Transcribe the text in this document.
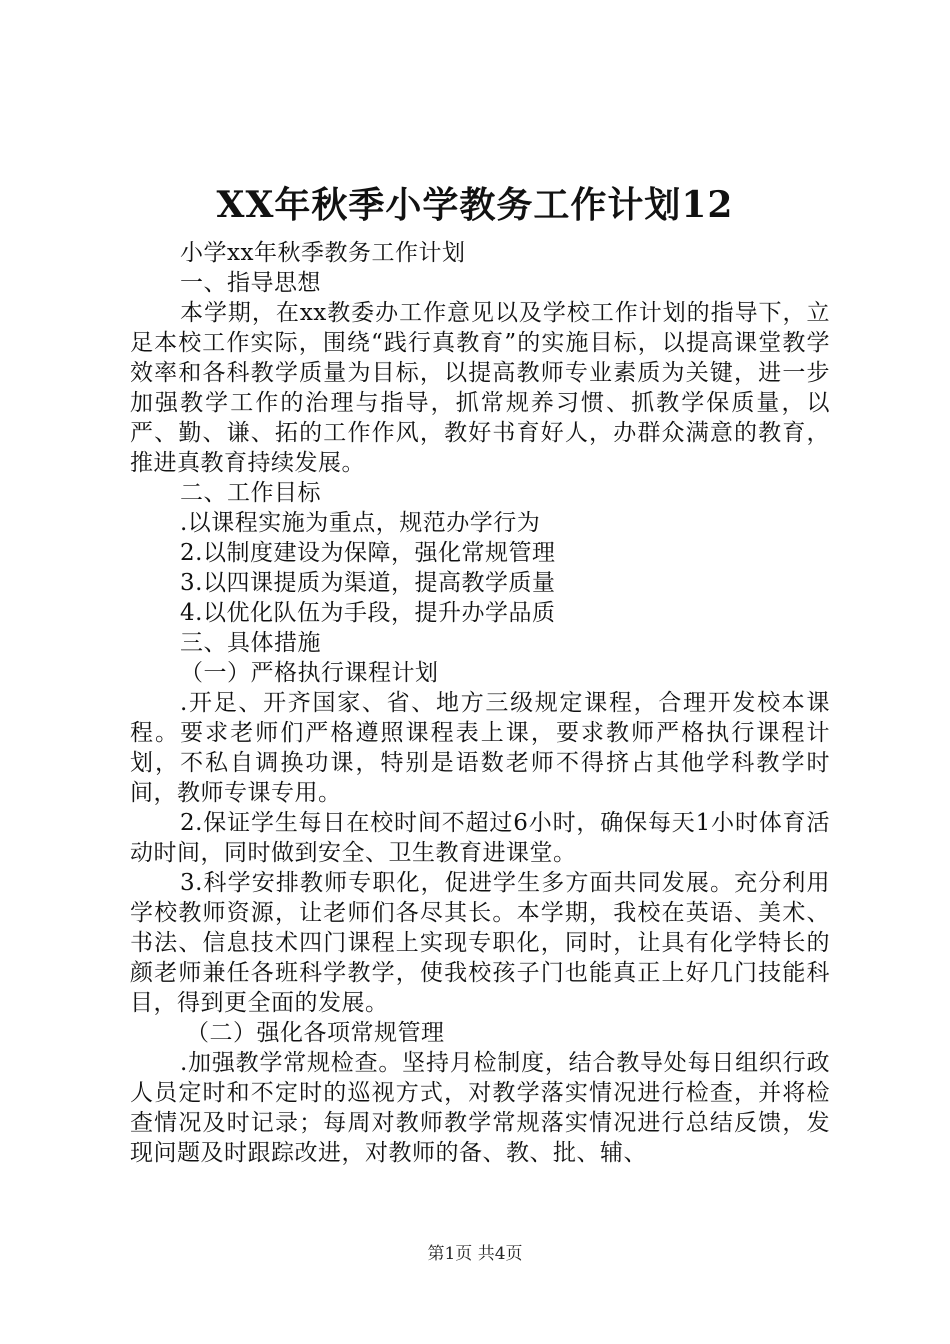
XX年秋季小学教务工作计划12

小学xx年秋季教务工作计划

一、指导思想

本学期，在xx教委办工作意见以及学校工作计划的指导下，立足本校工作实际，围绕“践行真教育”的实施目标，以提高课堂教学效率和各科教学质量为目标，以提高教师专业素质为关键，进一步加强教学工作的治理与指导，抓常规养习惯、抓教学保质量，以严、勤、谦、拓的工作作风，教好书育好人，办群众满意的教育，推进真教育持续发展。

二、工作目标

.以课程实施为重点，规范办学行为

2.以制度建设为保障，强化常规管理

3.以四课提质为渠道，提高教学质量

4.以优化队伍为手段，提升办学品质

三、具体措施

（一）严格执行课程计划

.开足、开齐国家、省、地方三级规定课程，合理开发校本课程。要求老师们严格遵照课程表上课，要求教师严格执行课程计划，不私自调换功课，特别是语数老师不得挤占其他学科教学时间，教师专课专用。

2.保证学生每日在校时间不超过6小时，确保每天1小时体育活动时间，同时做到安全、卫生教育进课堂。

3.科学安排教师专职化，促进学生多方面共同发展。充分利用学校教师资源，让老师们各尽其长。本学期，我校在英语、美术、书法、信息技术四门课程上实现专职化，同时，让具有化学特长的颜老师兼任各班科学教学，使我校孩子门也能真正上好几门技能科目，得到更全面的发展。

（二）强化各项常规管理

.加强教学常规检查。坚持月检制度，结合教导处每日组织行政人员定时和不定时的巡视方式，对教学落实情况进行检查，并将检查情况及时记录；每周对教师教学常规落实情况进行总结反馈，发现问题及时跟踪改进，对教师的备、教、批、辅、

第1页 共4页
